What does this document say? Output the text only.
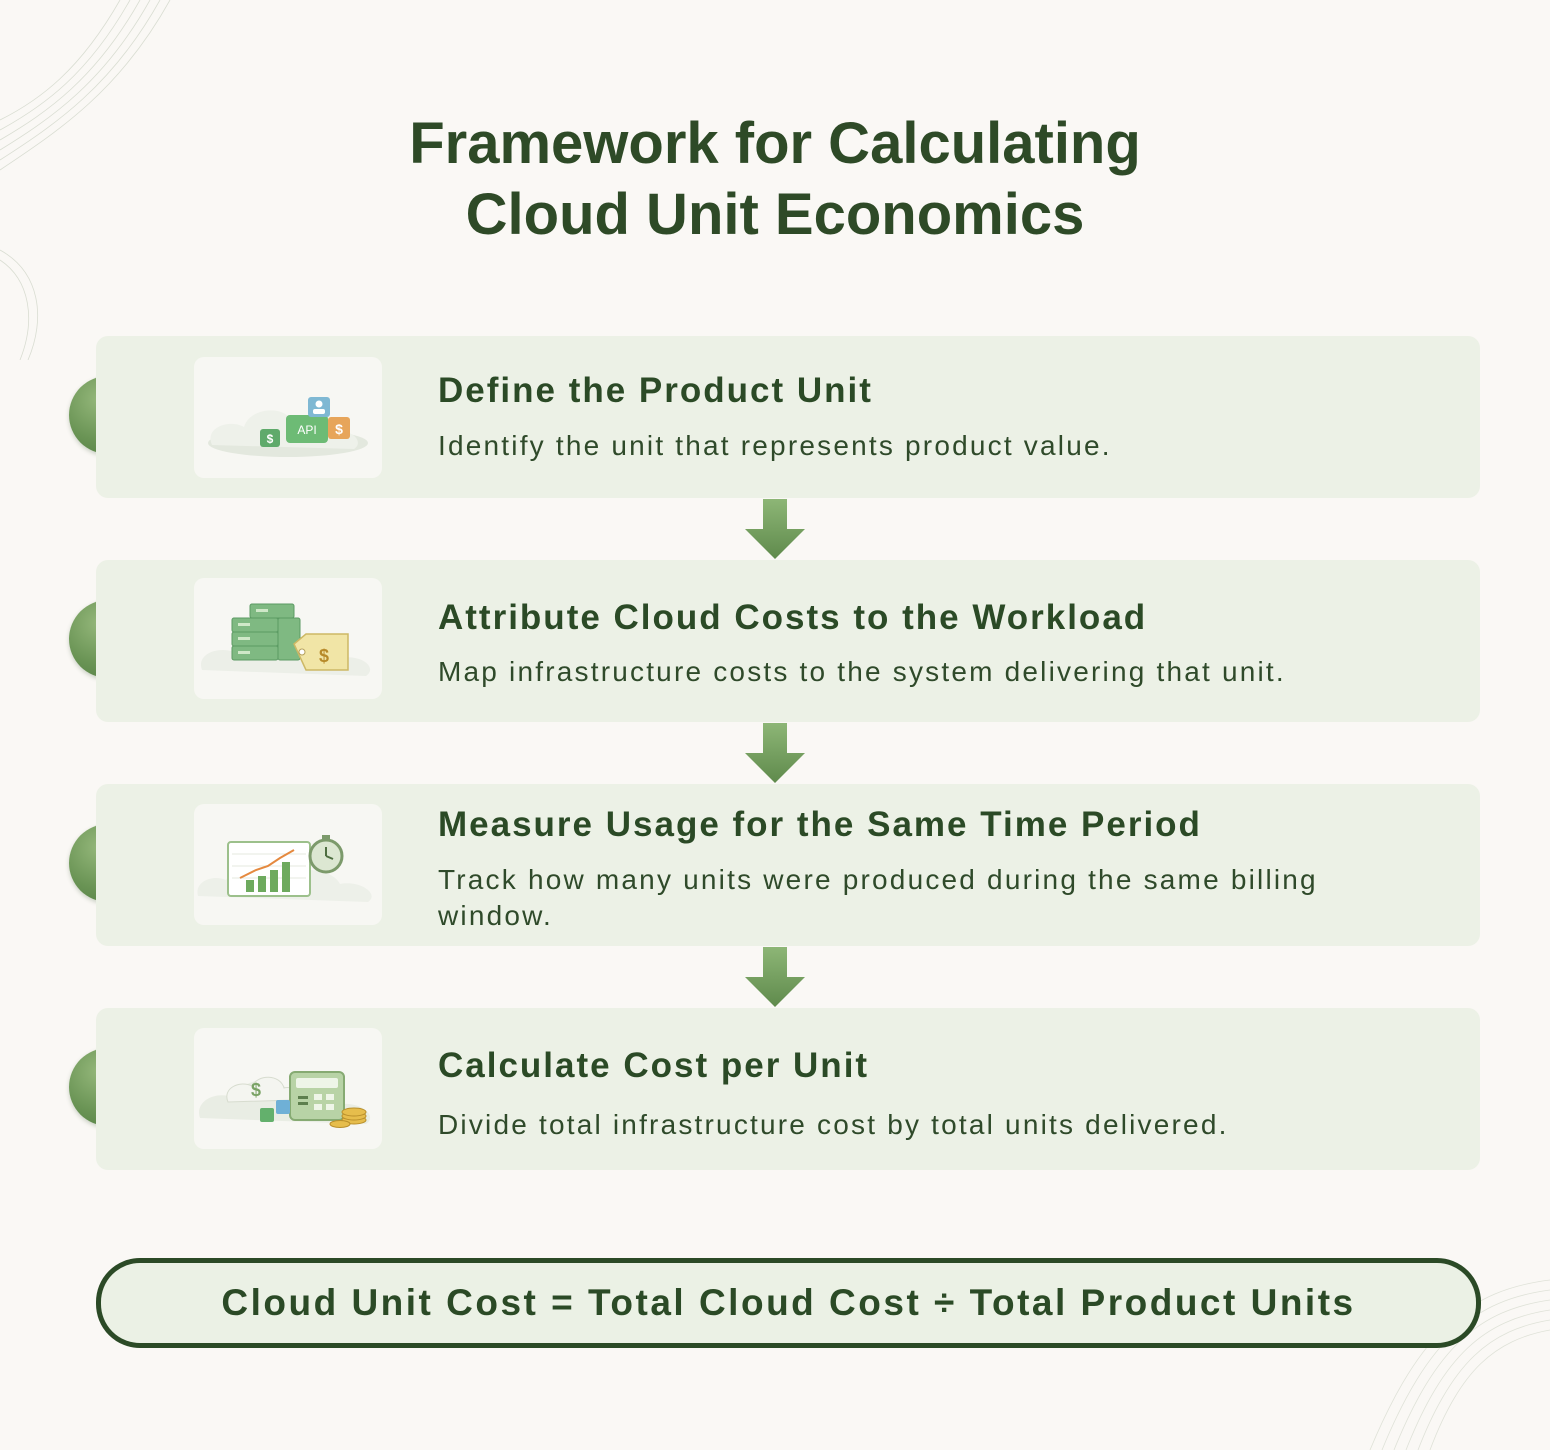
Framework for Calculating
Cloud Unit Economics
$
API $
Define the Product Unit
Identify the unit that represents product value.
$
Attribute Cloud Costs to the Workload
Map infrastructure costs to the system delivering that unit.
Measure Usage for the Same Time Period
Track how many units were produced during the same billing window.
$
Calculate Cost per Unit
Divide total infrastructure cost by total units delivered.
Cloud Unit Cost = Total Cloud Cost ÷ Total Product Units
